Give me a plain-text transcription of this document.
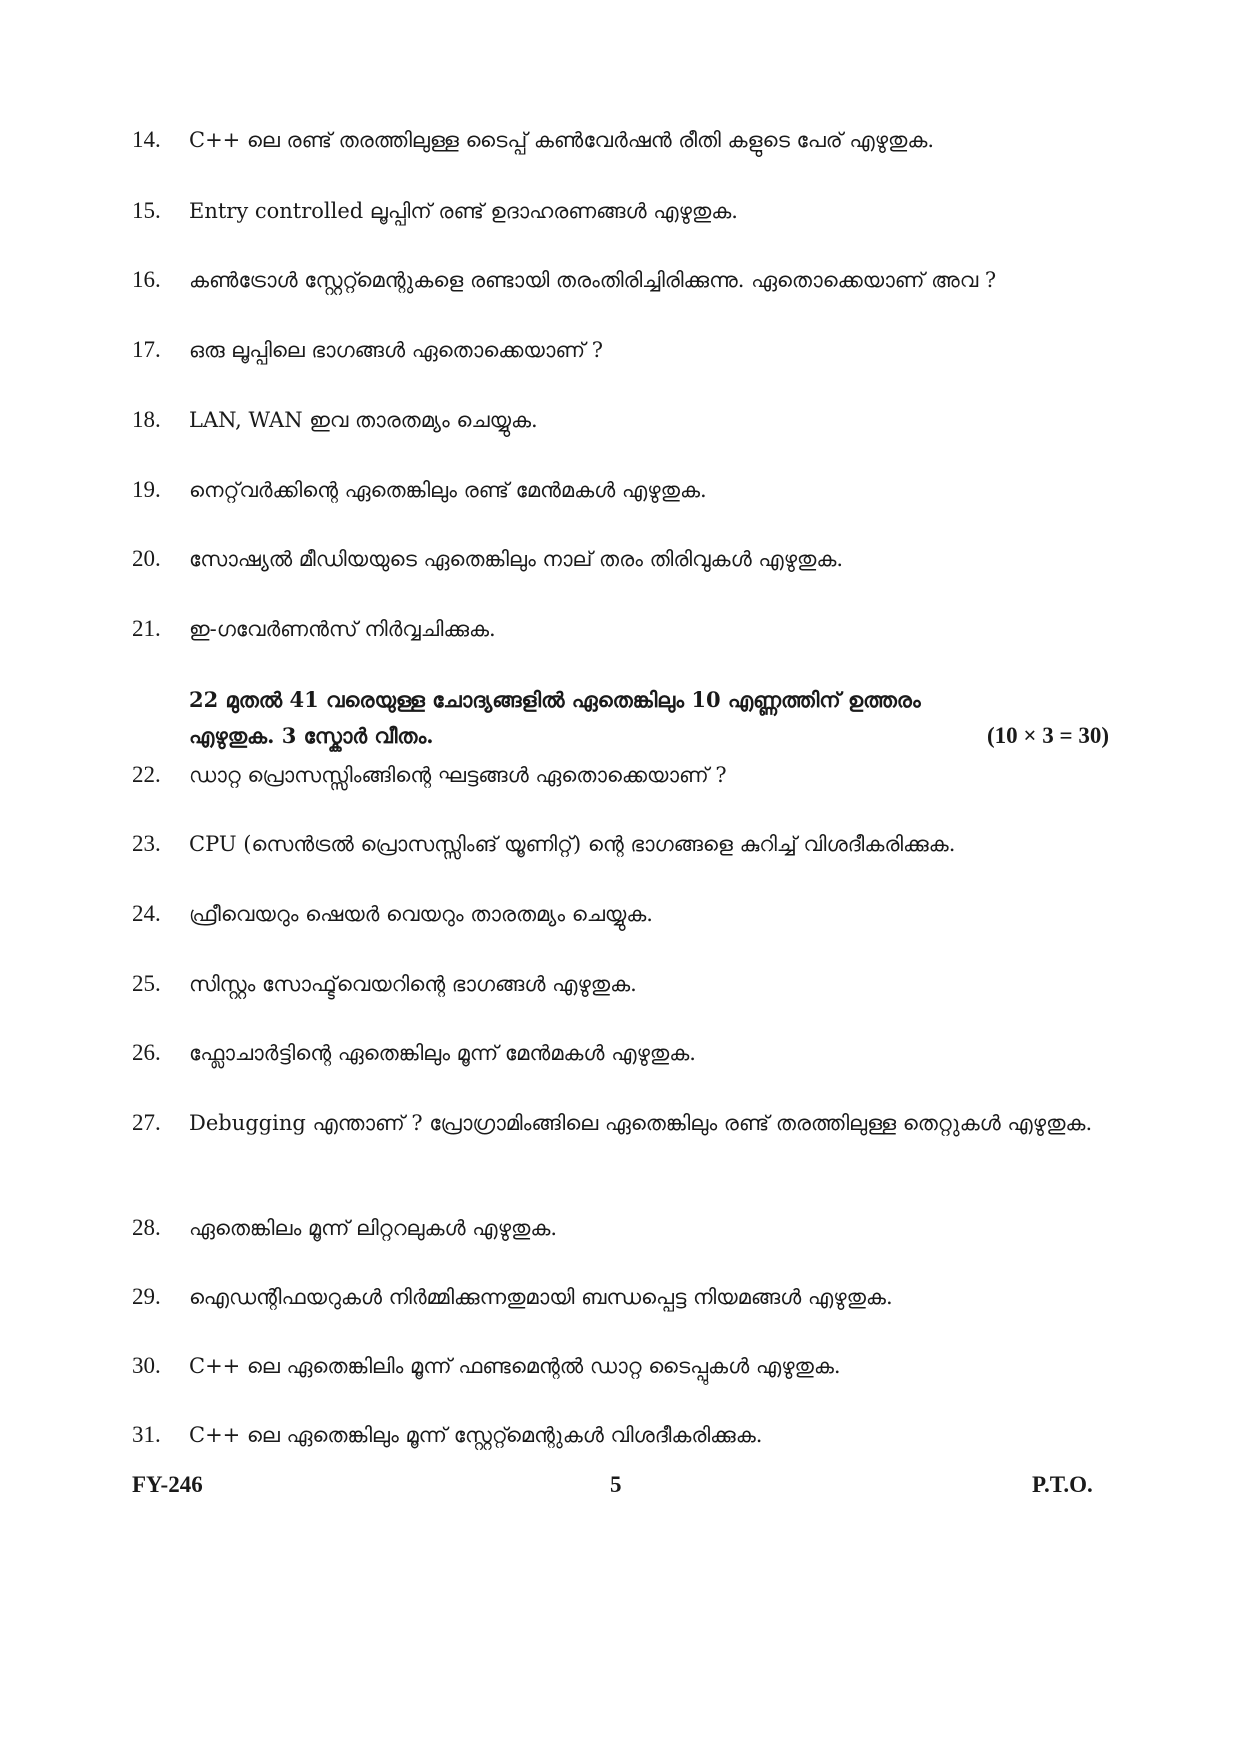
14.	C++ ലെ രണ്ട് തരത്തിലുള്ള ടൈപ്പ് കൺവേർഷൻ രീതി കളുടെ പേര് എഴുതുക.
15.	Entry controlled ലൂപ്പിന് രണ്ട് ഉദാഹരണങ്ങൾ എഴുതുക.
16.	കൺട്രോൾ സ്റ്റേറ്റ്മെന്റുകളെ രണ്ടായി തരംതിരിച്ചിരിക്കുന്നു. ഏതൊക്കെയാണ് അവ ?
17.	ഒരു ലൂപ്പിലെ ഭാഗങ്ങൾ ഏതൊക്കെയാണ് ?
18.	LAN, WAN ഇവ താരതമ്യം ചെയ്യുക.
19.	നെറ്റ്‌വർക്കിന്റെ ഏതെങ്കിലും രണ്ട് മേൻമകൾ എഴുതുക.
20.	സോഷ്യൽ മീഡിയയുടെ ഏതെങ്കിലും നാല് തരം തിരിവുകൾ എഴുതുക.
21.	ഇ-ഗവേർണൻസ് നിർവ്വചിക്കുക.
22 മുതൽ 41 വരെയുള്ള ചോദ്യങ്ങളിൽ ഏതെങ്കിലും 10 എണ്ണത്തിന് ഉത്തരം
എഴുതുക. 3 സ്കോർ വീതം.	(10 × 3 = 30)
22.	ഡാറ്റ പ്രൊസസ്സിംങ്ങിന്റെ ഘട്ടങ്ങൾ ഏതൊക്കെയാണ് ?
23.	CPU (സെൻട്രൽ പ്രൊസസ്സിംങ് യൂണിറ്റ്) ന്റെ ഭാഗങ്ങളെ കുറിച്ച് വിശദീകരിക്കുക.
24.	ഫ്രീവെയറും ഷെയർ വെയറും താരതമ്യം ചെയ്യുക.
25.	സിസ്റ്റം സോഫ്ട്‌വെയറിന്റെ ഭാഗങ്ങൾ എഴുതുക.
26.	ഫ്ലോചാർട്ടിന്റെ ഏതെങ്കിലും മൂന്ന് മേൻമകൾ എഴുതുക.
27.	Debugging എന്താണ് ? പ്രോഗ്രാമിംങ്ങിലെ ഏതെങ്കിലും രണ്ട് തരത്തിലുള്ള തെറ്റുകൾ എഴുതുക.
28.	ഏതെങ്കിലം മൂന്ന് ലിറ്ററലുകൾ എഴുതുക.
29.	ഐഡന്റിഫയറുകൾ നിർമ്മിക്കുന്നതുമായി ബന്ധപ്പെട്ട നിയമങ്ങൾ എഴുതുക.
30.	C++ ലെ ഏതെങ്കിലിം മൂന്ന് ഫണ്ടമെന്റൽ ഡാറ്റ ടൈപ്പുകൾ എഴുതുക.
31.	C++ ലെ ഏതെങ്കിലും മൂന്ന് സ്റ്റേറ്റ്മെന്റുകൾ വിശദീകരിക്കുക.
FY-246	5	P.T.O.
